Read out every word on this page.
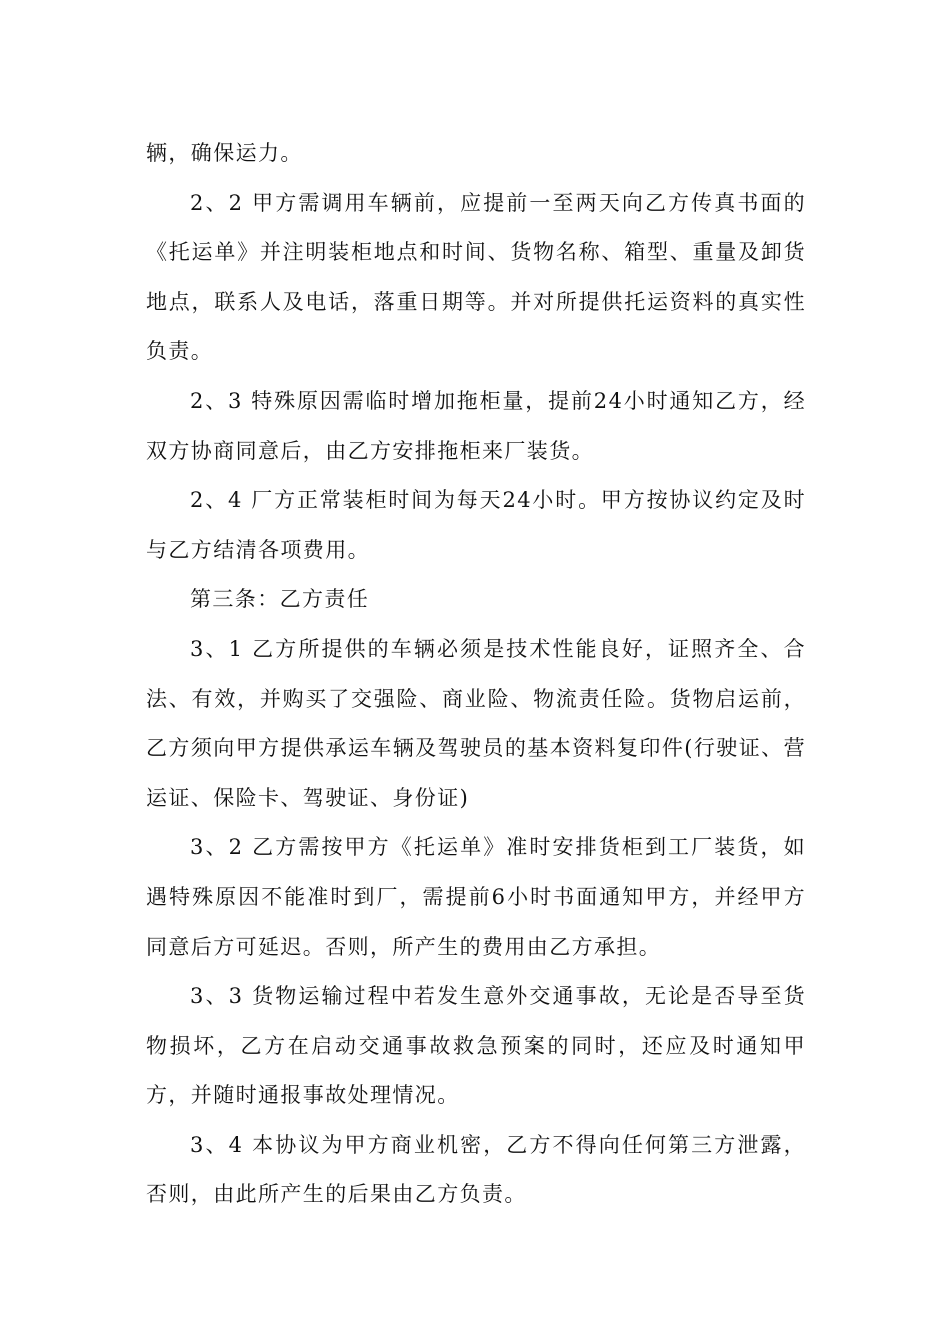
辆，确保运力。

2、2 甲方需调用车辆前，应提前一至两天向乙方传真书面的《托运单》并注明装柜地点和时间、货物名称、箱型、重量及卸货地点，联系人及电话，落重日期等。并对所提供托运资料的真实性负责。

2、3 特殊原因需临时增加拖柜量，提前24小时通知乙方，经双方协商同意后，由乙方安排拖柜来厂装货。

2、4 厂方正常装柜时间为每天24小时。甲方按协议约定及时与乙方结清各项费用。

第三条：乙方责任

3、1 乙方所提供的车辆必须是技术性能良好，证照齐全、合法、有效，并购买了交强险、商业险、物流责任险。货物启运前，乙方须向甲方提供承运车辆及驾驶员的基本资料复印件(行驶证、营运证、保险卡、驾驶证、身份证)

3、2 乙方需按甲方《托运单》准时安排货柜到工厂装货，如遇特殊原因不能准时到厂，需提前6小时书面通知甲方，并经甲方同意后方可延迟。否则，所产生的费用由乙方承担。

3、3 货物运输过程中若发生意外交通事故，无论是否导至货物损坏，乙方在启动交通事故救急预案的同时，还应及时通知甲方，并随时通报事故处理情况。

3、4 本协议为甲方商业机密，乙方不得向任何第三方泄露，否则，由此所产生的后果由乙方负责。
